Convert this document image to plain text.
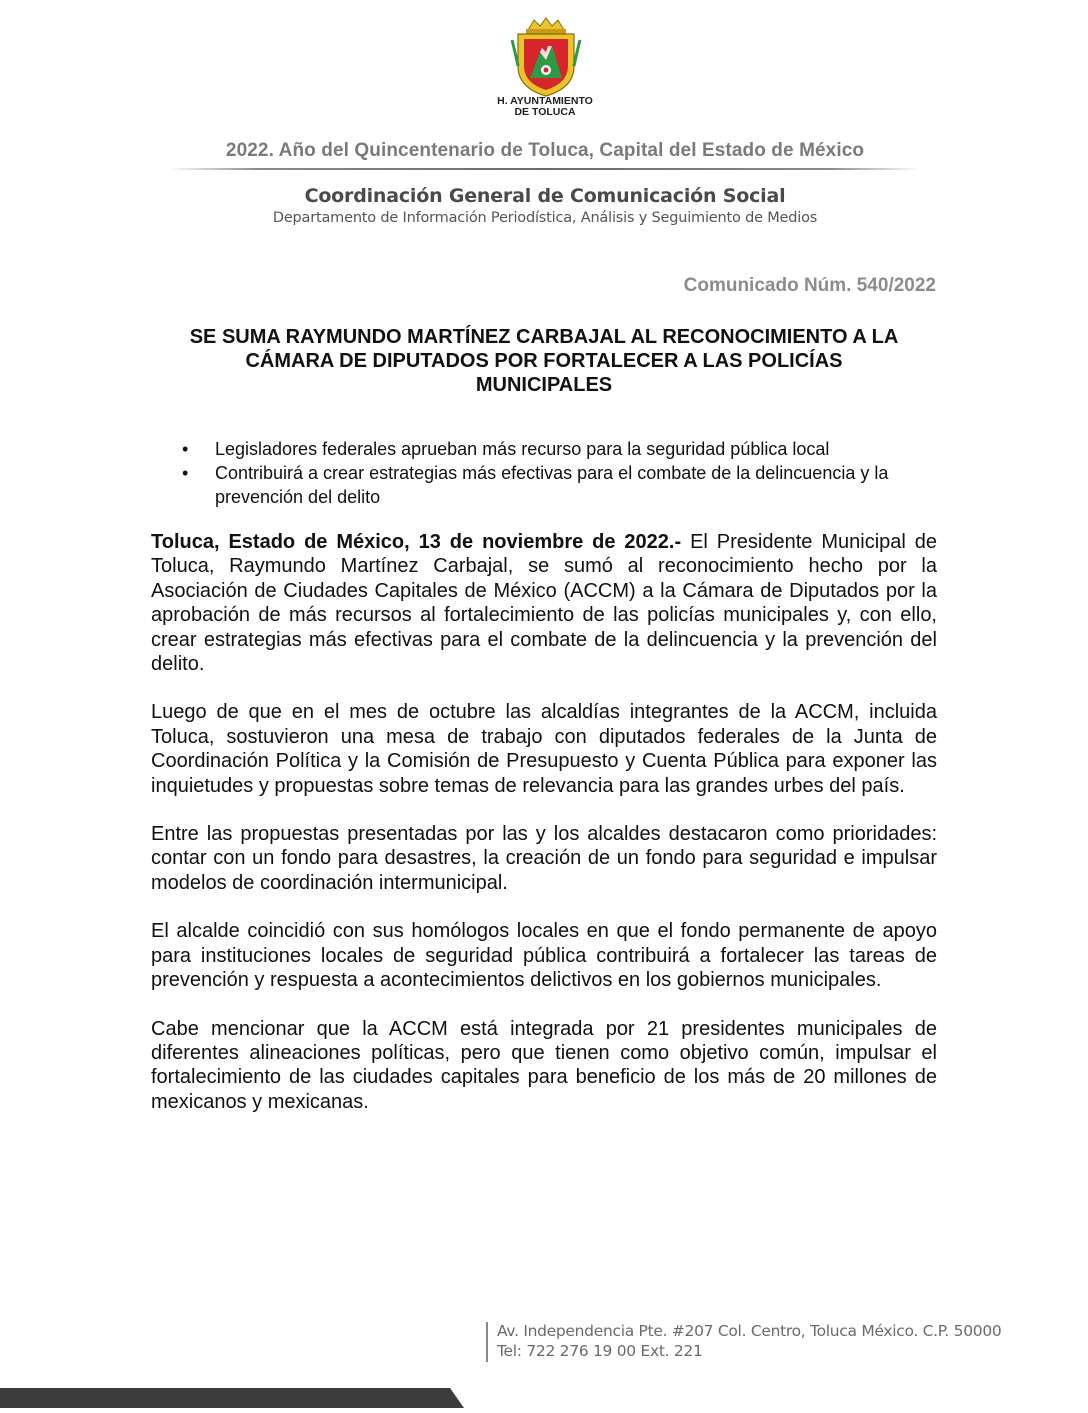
H. AYUNTAMIENTO
DE TOLUCA
2022. Año del Quincentenario de Toluca, Capital del Estado de México
Coordinación General de Comunicación Social
Departamento de Información Periodística, Análisis y Seguimiento de Medios
Comunicado Núm. 540/2022
SE SUMA RAYMUNDO MARTÍNEZ CARBAJAL AL RECONOCIMIENTO A LA
CÁMARA DE DIPUTADOS POR FORTALECER A LAS POLICÍAS
MUNICIPALES
• Legisladores federales aprueban más recurso para la seguridad pública local
• Contribuirá a crear estrategias más efectivas para el combate de la delincuencia y la prevención del delito

Toluca, Estado de México, 13 de noviembre de 2022.- El Presidente Municipal de Toluca, Raymundo Martínez Carbajal, se sumó al reconocimiento hecho por la Asociación de Ciudades Capitales de México (ACCM) a la Cámara de Diputados por la aprobación de más recursos al fortalecimiento de las policías municipales y, con ello, crear estrategias más efectivas para el combate de la delincuencia y la prevención del delito.

Luego de que en el mes de octubre las alcaldías integrantes de la ACCM, incluida Toluca, sostuvieron una mesa de trabajo con diputados federales de la Junta de Coordinación Política y la Comisión de Presupuesto y Cuenta Pública para exponer las inquietudes y propuestas sobre temas de relevancia para las grandes urbes del país.

Entre las propuestas presentadas por las y los alcaldes destacaron como prioridades: contar con un fondo para desastres, la creación de un fondo para seguridad e impulsar modelos de coordinación intermunicipal.

El alcalde coincidió con sus homólogos locales en que el fondo permanente de apoyo para instituciones locales de seguridad pública contribuirá a fortalecer las tareas de prevención y respuesta a acontecimientos delictivos en los gobiernos municipales.

Cabe mencionar que la ACCM está integrada por 21 presidentes municipales de diferentes alineaciones políticas, pero que tienen como objetivo común, impulsar el fortalecimiento de las ciudades capitales para beneficio de los más de 20 millones de mexicanos y mexicanas.

Av. Independencia Pte. #207 Col. Centro, Toluca México. C.P. 50000
Tel: 722 276 19 00 Ext. 221
